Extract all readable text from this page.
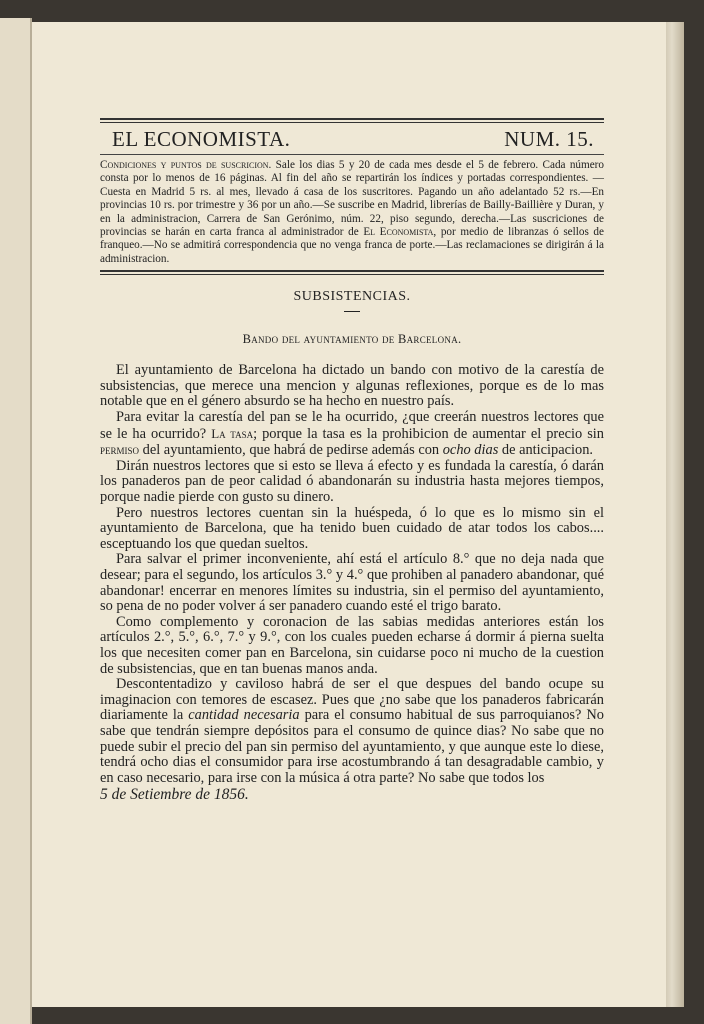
EL ECONOMISTA.	NUM. 15.
Condiciones y puntos de suscricion. Sale los dias 5 y 20 de cada mes desde el 5 de febrero. Cada número consta por lo menos de 16 páginas. Al fin del año se repartirán los índices y portadas correspondientes. —Cuesta en Madrid 5 rs. al mes, llevado á casa de los suscritores. Pagando un año adelantado 52 rs.—En provincias 10 rs. por trimestre y 36 por un año.—Se suscribe en Madrid, librerías de Bailly-Baillière y Duran, y en la administracion, Carrera de San Gerónimo, núm. 22, piso segundo, derecha.—Las suscriciones de provincias se harán en carta franca al administrador de El Economista, por medio de libranzas ó sellos de franqueo.—No se admitirá correspondencia que no venga franca de porte.—Las reclamaciones se dirigirán á la administracion.
SUBSISTENCIAS.
Bando del ayuntamiento de Barcelona.

El ayuntamiento de Barcelona ha dictado un bando con motivo de la carestía de subsistencias, que merece una mencion y algunas reflexiones, porque es de lo mas notable que en el género absurdo se ha hecho en nuestro país.

Para evitar la carestía del pan se le ha ocurrido, ¿que creerán nuestros lectores que se le ha ocurrido? La tasa; porque la tasa es la prohibicion de aumentar el precio sin permiso del ayuntamiento, que habrá de pedirse además con ocho dias de anticipacion.

Dirán nuestros lectores que si esto se lleva á efecto y es fundada la carestía, ó darán los panaderos pan de peor calidad ó abandonarán su industria hasta mejores tiempos, porque nadie pierde con gusto su dinero.

Pero nuestros lectores cuentan sin la huéspeda, ó lo que es lo mismo sin el ayuntamiento de Barcelona, que ha tenido buen cuidado de atar todos los cabos.... esceptuando los que quedan sueltos.

Para salvar el primer inconveniente, ahí está el artículo 8.° que no deja nada que desear; para el segundo, los artículos 3.° y 4.° que prohiben al panadero abandonar, qué abandonar! encerrar en menores límites su industria, sin el permiso del ayuntamiento, so pena de no poder volver á ser panadero cuando esté el trigo barato.

Como complemento y coronacion de las sabias medidas anteriores están los artículos 2.°, 5.°, 6.°, 7.° y 9.°, con los cuales pueden echarse á dormir á pierna suelta los que necesiten comer pan en Barcelona, sin cuidarse poco ni mucho de la cuestion de subsistencias, que en tan buenas manos anda.

Descontentadizo y caviloso habrá de ser el que despues del bando ocupe su imaginacion con temores de escasez. Pues que ¿no sabe que los panaderos fabricarán diariamente la cantidad necesaria para el consumo habitual de sus parroquianos? No sabe que tendrán siempre depósitos para el consumo de quince dias? No sabe que no puede subir el precio del pan sin permiso del ayuntamiento, y que aunque este lo diese, tendrá ocho dias el consumidor para irse acostumbrando á tan desagradable cambio, y en caso necesario, para irse con la música á otra parte? No sabe que todos los

5 de Setiembre de 1856.
